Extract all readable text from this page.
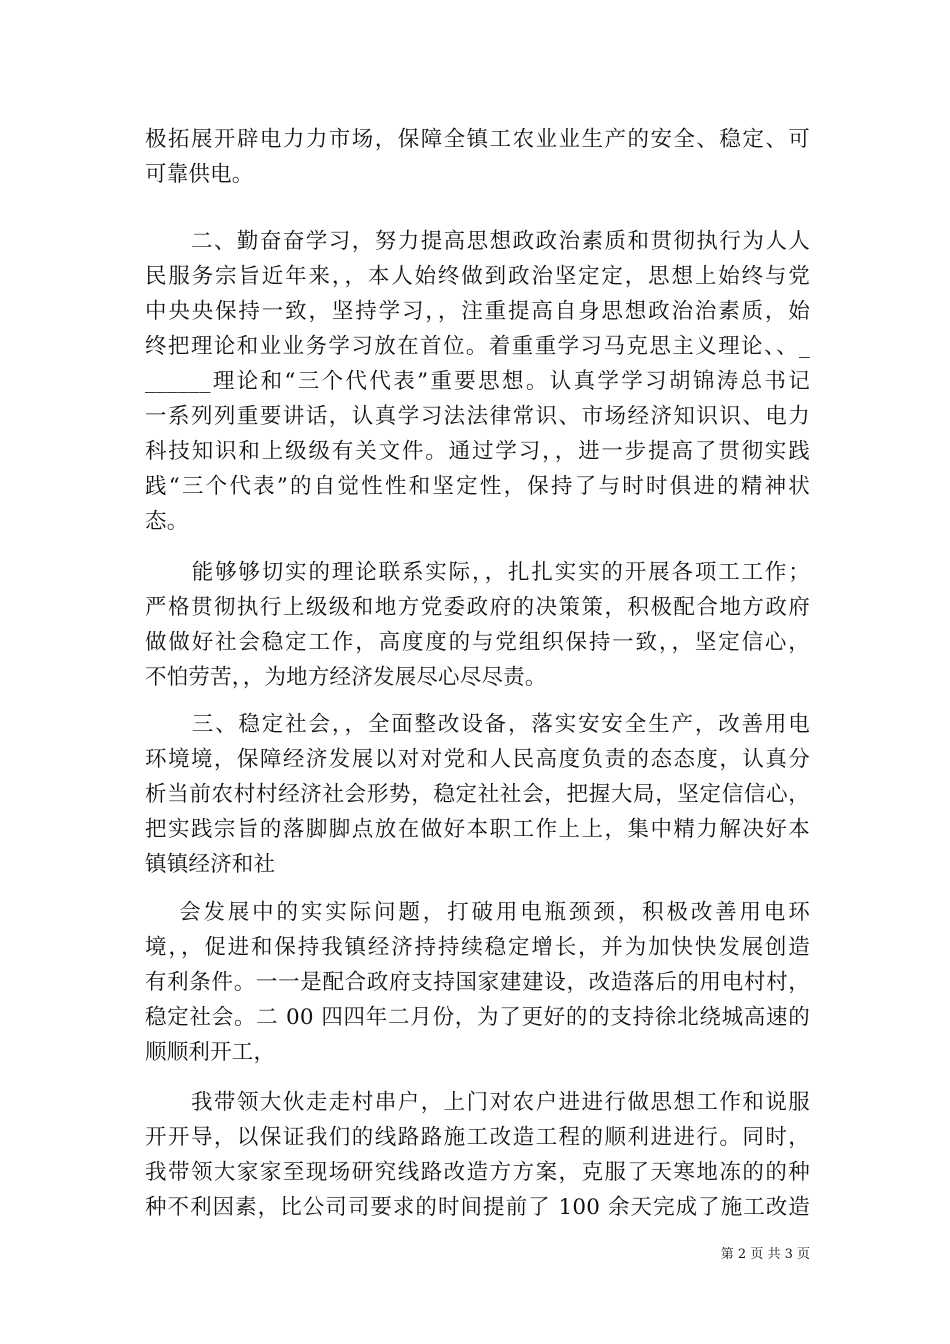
极拓展开辟电力力市场，保障全镇工农业业生产的安全、稳定、可
可靠供电。
　　二、勤奋奋学习，努力提高思想政政治素质和贯彻执行为人人
民服务宗旨近年来，，本人始终做到政治坚定定，思想上始终与党
中央央保持一致，坚持学习，，注重提高自身思想政治治素质，始
终把理论和业业务学习放在首位。着重重学习马克思主义理论、、_
______理论和“三个代代表”重要思想。认真学学习胡锦涛总书记
一系列列重要讲话，认真学习法法律常识、市场经济知识识、电力
科技知识和上级级有关文件。通过学习，，进一步提高了贯彻实践
践“三个代表”的自觉性性和坚定性，保持了与时时俱进的精神状
态。
　　能够够切实的理论联系实际，，扎扎实实的开展各项工工作；
严格贯彻执行上级级和地方党委政府的决策策，积极配合地方政府
做做好社会稳定工作，高度度的与党组织保持一致，，坚定信心，
不怕劳苦，，为地方经济发展尽心尽尽责。
　　三、稳定社会，，全面整改设备，落实安安全生产，改善用电
环境境，保障经济发展以对对党和人民高度负责的态态度，认真分
析当前农村村经济社会形势，稳定社社会，把握大局，坚定信信心，
把实践宗旨的落脚脚点放在做好本职工作上上，集中精力解决好本
镇镇经济和社
　 会发展中的实实际问题，打破用电瓶颈颈，积极改善用电环
境，，促进和保持我镇经济持持续稳定增长，并为加快快发展创造
有利条件。一一是配合政府支持国家建建设，改造落后的用电村村，
稳定社会。二 00 四四年二月份，为了更好的的支持徐北绕城高速的
顺顺利开工，
　　我带领大伙走走村串户，上门对农户进进行做思想工作和说服
开开导，以保证我们的线路路施工改造工程的顺利进进行。同时，
我带领大家家至现场研究线路改造方方案，克服了天寒地冻的的种
种不利因素，比公司司要求的时间提前了 100 余天完成了施工改造
第 2 页 共 3 页
